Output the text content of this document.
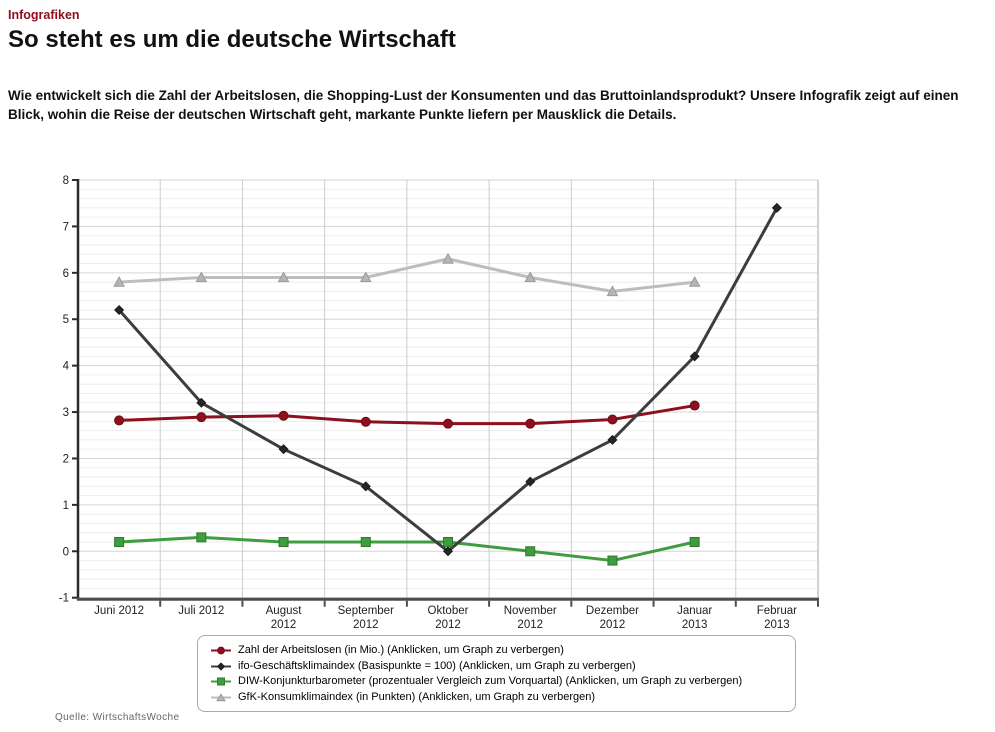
Infografiken
So steht es um die deutsche Wirtschaft

Wie entwickelt sich die Zahl der Arbeitslosen, die Shopping-Lust der Konsumenten und das Bruttoinlandsprodukt? Unsere Infografik zeigt auf einen Blick, wohin die Reise der deutschen Wirtschaft geht, markante Punkte liefern per Mausklick die Details.

8
7
6
5
4
3
2
1
0
-1
Juni 2012	Juli 2012	August
2012
September
2012
Oktober
2012
November
2012
Dezember
2012
Januar
2013
Februar
2013
Zahl der Arbeitslosen (in Mio.) (Anklicken, um Graph zu verbergen)
ifo-Geschäftsklimaindex (Basispunkte = 100) (Anklicken, um Graph zu verbergen)
DIW-Konjunkturbarometer (prozentualer Vergleich zum Vorquartal) (Anklicken, um Graph zu verbergen)
GfK-Konsumklimaindex (in Punkten) (Anklicken, um Graph zu verbergen)
Quelle: WirtschaftsWoche
